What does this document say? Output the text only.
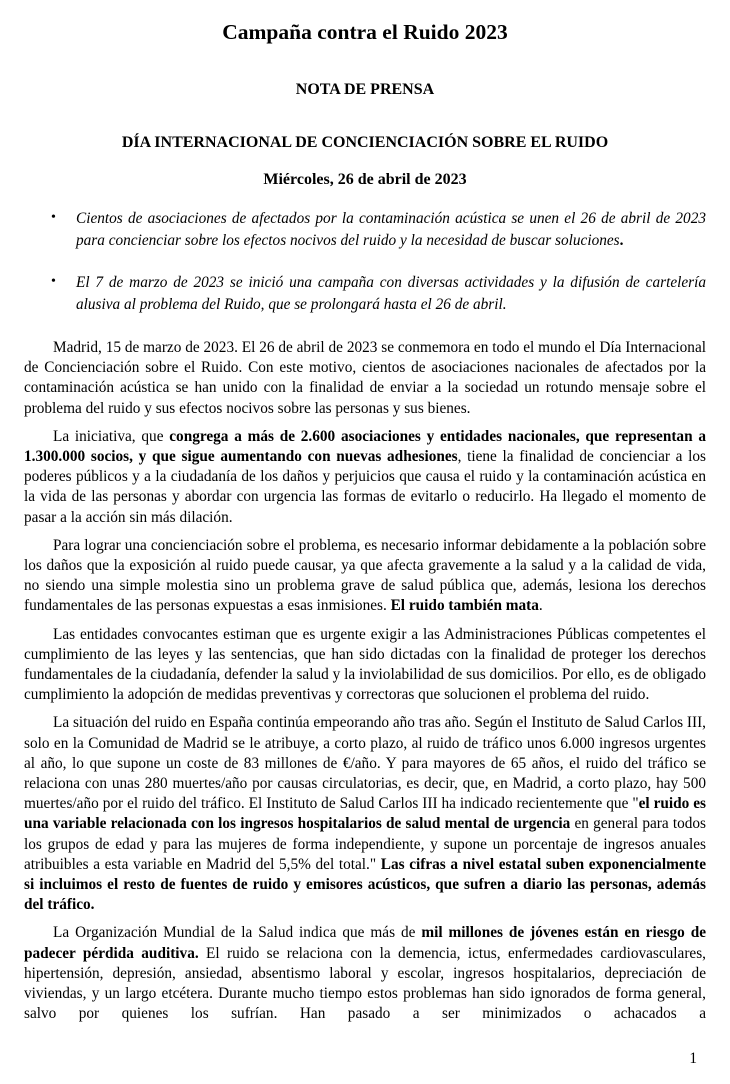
Campaña contra el Ruido 2023
NOTA DE PRENSA
DÍA INTERNACIONAL DE CONCIENCIACIÓN SOBRE EL RUIDO
Miércoles, 26 de abril de 2023
• Cientos de asociaciones de afectados por la contaminación acústica se unen el 26 de abril de 2023 para concienciar sobre los efectos nocivos del ruido y la necesidad de buscar soluciones.
• El 7 de marzo de 2023 se inició una campaña con diversas actividades y la difusión de cartelería alusiva al problema del Ruido, que se prolongará hasta el 26 de abril.

Madrid, 15 de marzo de 2023. El 26 de abril de 2023 se conmemora en todo el mundo el Día Internacional de Concienciación sobre el Ruido. Con este motivo, cientos de asociaciones nacionales de afectados por la contaminación acústica se han unido con la finalidad de enviar a la sociedad un rotundo mensaje sobre el problema del ruido y sus efectos nocivos sobre las personas y sus bienes.

La iniciativa, que congrega a más de 2.600 asociaciones y entidades nacionales, que representan a 1.300.000 socios, y que sigue aumentando con nuevas adhesiones, tiene la finalidad de concienciar a los poderes públicos y a la ciudadanía de los daños y perjuicios que causa el ruido y la contaminación acústica en la vida de las personas y abordar con urgencia las formas de evitarlo o reducirlo. Ha llegado el momento de pasar a la acción sin más dilación.

Para lograr una concienciación sobre el problema, es necesario informar debidamente a la población sobre los daños que la exposición al ruido puede causar, ya que afecta gravemente a la salud y a la calidad de vida, no siendo una simple molestia sino un problema grave de salud pública que, además, lesiona los derechos fundamentales de las personas expuestas a esas inmisiones. El ruido también mata.

Las entidades convocantes estiman que es urgente exigir a las Administraciones Públicas competentes el cumplimiento de las leyes y las sentencias, que han sido dictadas con la finalidad de proteger los derechos fundamentales de la ciudadanía, defender la salud y la inviolabilidad de sus domicilios. Por ello, es de obligado cumplimiento la adopción de medidas preventivas y correctoras que solucionen el problema del ruido.

La situación del ruido en España continúa empeorando año tras año. Según el Instituto de Salud Carlos III, solo en la Comunidad de Madrid se le atribuye, a corto plazo, al ruido de tráfico unos 6.000 ingresos urgentes al año, lo que supone un coste de 83 millones de €/año. Y para mayores de 65 años, el ruido del tráfico se relaciona con unas 280 muertes/año por causas circulatorias, es decir, que, en Madrid, a corto plazo, hay 500 muertes/año por el ruido del tráfico. El Instituto de Salud Carlos III ha indicado recientemente que "el ruido es una variable relacionada con los ingresos hospitalarios de salud mental de urgencia en general para todos los grupos de edad y para las mujeres de forma independiente, y supone un porcentaje de ingresos anuales atribuibles a esta variable en Madrid del 5,5% del total." Las cifras a nivel estatal suben exponencialmente si incluimos el resto de fuentes de ruido y emisores acústicos, que sufren a diario las personas, además del tráfico.

La Organización Mundial de la Salud indica que más de mil millones de jóvenes están en riesgo de padecer pérdida auditiva. El ruido se relaciona con la demencia, ictus, enfermedades cardiovasculares, hipertensión, depresión, ansiedad, absentismo laboral y escolar, ingresos hospitalarios, depreciación de viviendas, y un largo etcétera. Durante mucho tiempo estos problemas han sido ignorados de forma general, salvo por quienes los sufrían. Han pasado a ser minimizados o achacados a

1
